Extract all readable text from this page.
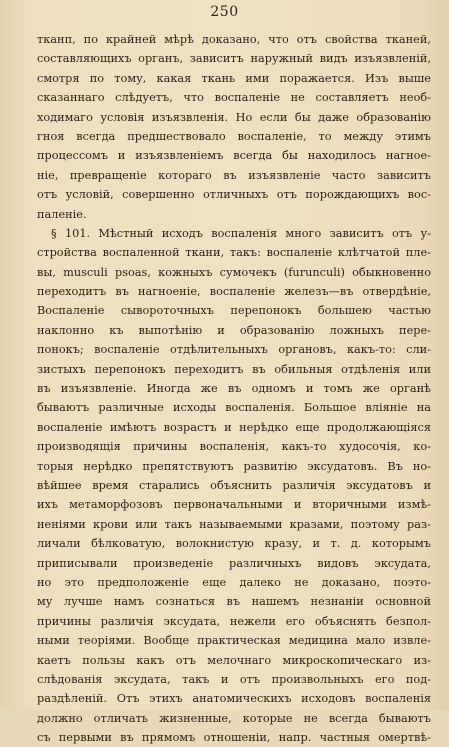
250
тканп, по крайней мѣрѣ доказано, что отъ свойства тканей,
составляющихъ органъ, зависитъ наружный видъ изъязвленій,
смотря по тому, какая ткань ими поражается. Изъ выше
сказаннаго слѣдуетъ, что воспаленіе не составляетъ необ-
ходимаго условія изъязвленія. Но если бы даже образованію
гноя всегда предшествовало воспаленіе, то между этимъ
процессомъ и изъязвленіемъ всегда бы находилось нагное-
ніе, превращеніе котораго въ изъязвленіе часто зависитъ
отъ условій, совершенно отличныхъ отъ порождающихъ вос-
паленіе.
§ 101. Мѣстный исходъ воспаленія много зависитъ отъ у-
стройства воспаленной ткани, такъ: воспаленіе клѣтчатой пле-
вы, musculi psoas, кожныхъ сумочекъ (furunculi) обыкновенно
переходитъ въ нагноеніе, воспаленіе железъ—въ отвердѣніе,
Воспаленіе сывороточныхъ перепонокъ большею частью
наклонно къ выпотѣнію и образованію ложныхъ пере-
понокъ; воспаленіе отдѣлительныхъ органовъ, какъ-то: сли-
зистыхъ перепонокъ переходитъ въ обильныя отдѣленія или
въ изъязвленіе. Иногда же въ одномъ и томъ же органѣ
бываютъ различные исходы воспаленія. Большое вліяніе на
воспаленіе имѣютъ возрастъ и нерѣдко еще продолжающіяся
производящія причины воспаленія, какъ-то худосочія, ко-
торыя нерѣдко препятствуютъ развитію эксудатовъ. Въ но-
вѣйшее время старались объяснить различія эксудатовъ и
ихъ метаморфозовъ первоначальными и вторичными измѣ-
неніями крови или такъ называемыми кразами, поэтому раз-
личали бѣлковатую, волокнистую кразу, и т. д. которымъ
приписывали произведеніе различныхъ видовъ эксудата,
но это предположеніе еще далеко не доказано, поэто-
му лучше намъ сознаться въ нашемъ незнаніи основной
причины различія эксудата, нежели его объяснять безпол-
ными теоріями. Вообще практическая медицина мало извле-
каетъ пользы какъ отъ мелочнаго микроскопическаго из-
слѣдованія эксудата, такъ и отъ произвольныхъ его под-
раздѣленій. Отъ этихъ анатомическихъ исходовъ воспаленія
должно отличать жизненные, которые не всегда бываютъ
съ первыми въ прямомъ отношеніи, напр. частныя омертвѣ-
